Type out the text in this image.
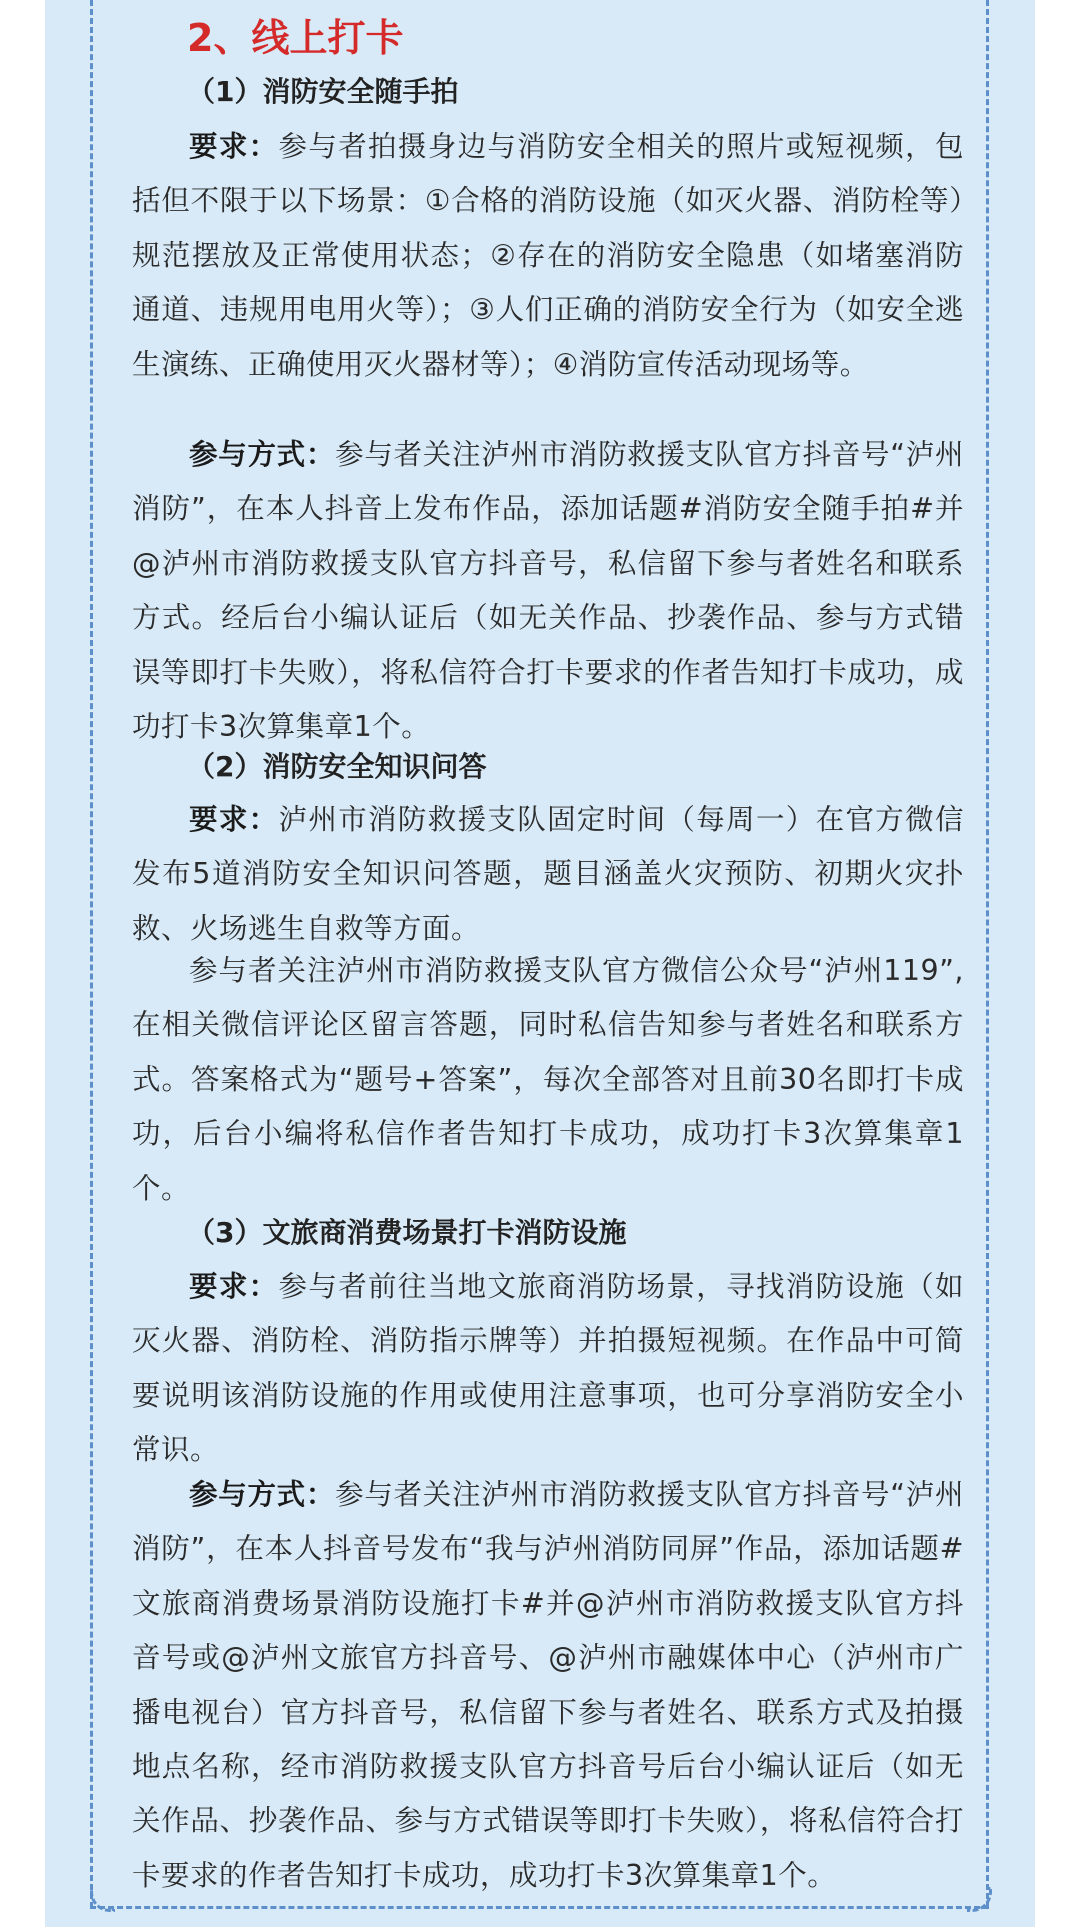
2、线上打卡
（1）消防安全随手拍

要求：参与者拍摄身边与消防安全相关的照片或短视频，包括但不限于以下场景：①合格的消防设施（如灭火器、消防栓等）规范摆放及正常使用状态；②存在的消防安全隐患（如堵塞消防通道、违规用电用火等）；③人们正确的消防安全行为（如安全逃生演练、正确使用灭火器材等）；④消防宣传活动现场等。

参与方式：参与者关注泸州市消防救援支队官方抖音号“泸州消防”，在本人抖音上发布作品，添加话题#消防安全随手拍#并@泸州市消防救援支队官方抖音号，私信留下参与者姓名和联系方式。经后台小编认证后（如无关作品、抄袭作品、参与方式错误等即打卡失败），将私信符合打卡要求的作者告知打卡成功，成功打卡3次算集章1个。

（2）消防安全知识问答

要求：泸州市消防救援支队固定时间（每周一）在官方微信发布5道消防安全知识问答题，题目涵盖火灾预防、初期火灾扑救、火场逃生自救等方面。

参与者关注泸州市消防救援支队官方微信公众号“泸州119”,在相关微信评论区留言答题，同时私信告知参与者姓名和联系方式。答案格式为“题号+答案”，每次全部答对且前30名即打卡成功，后台小编将私信作者告知打卡成功，成功打卡3次算集章1个。

（3）文旅商消费场景打卡消防设施

要求：参与者前往当地文旅商消防场景，寻找消防设施（如灭火器、消防栓、消防指示牌等）并拍摄短视频。在作品中可简要说明该消防设施的作用或使用注意事项，也可分享消防安全小常识。

参与方式：参与者关注泸州市消防救援支队官方抖音号“泸州消防”，在本人抖音号发布“我与泸州消防同屏”作品，添加话题#文旅商消费场景消防设施打卡#并@泸州市消防救援支队官方抖音号或@泸州文旅官方抖音号、@泸州市融媒体中心（泸州市广播电视台）官方抖音号，私信留下参与者姓名、联系方式及拍摄地点名称，经市消防救援支队官方抖音号后台小编认证后（如无关作品、抄袭作品、参与方式错误等即打卡失败），将私信符合打卡要求的作者告知打卡成功，成功打卡3次算集章1个。
